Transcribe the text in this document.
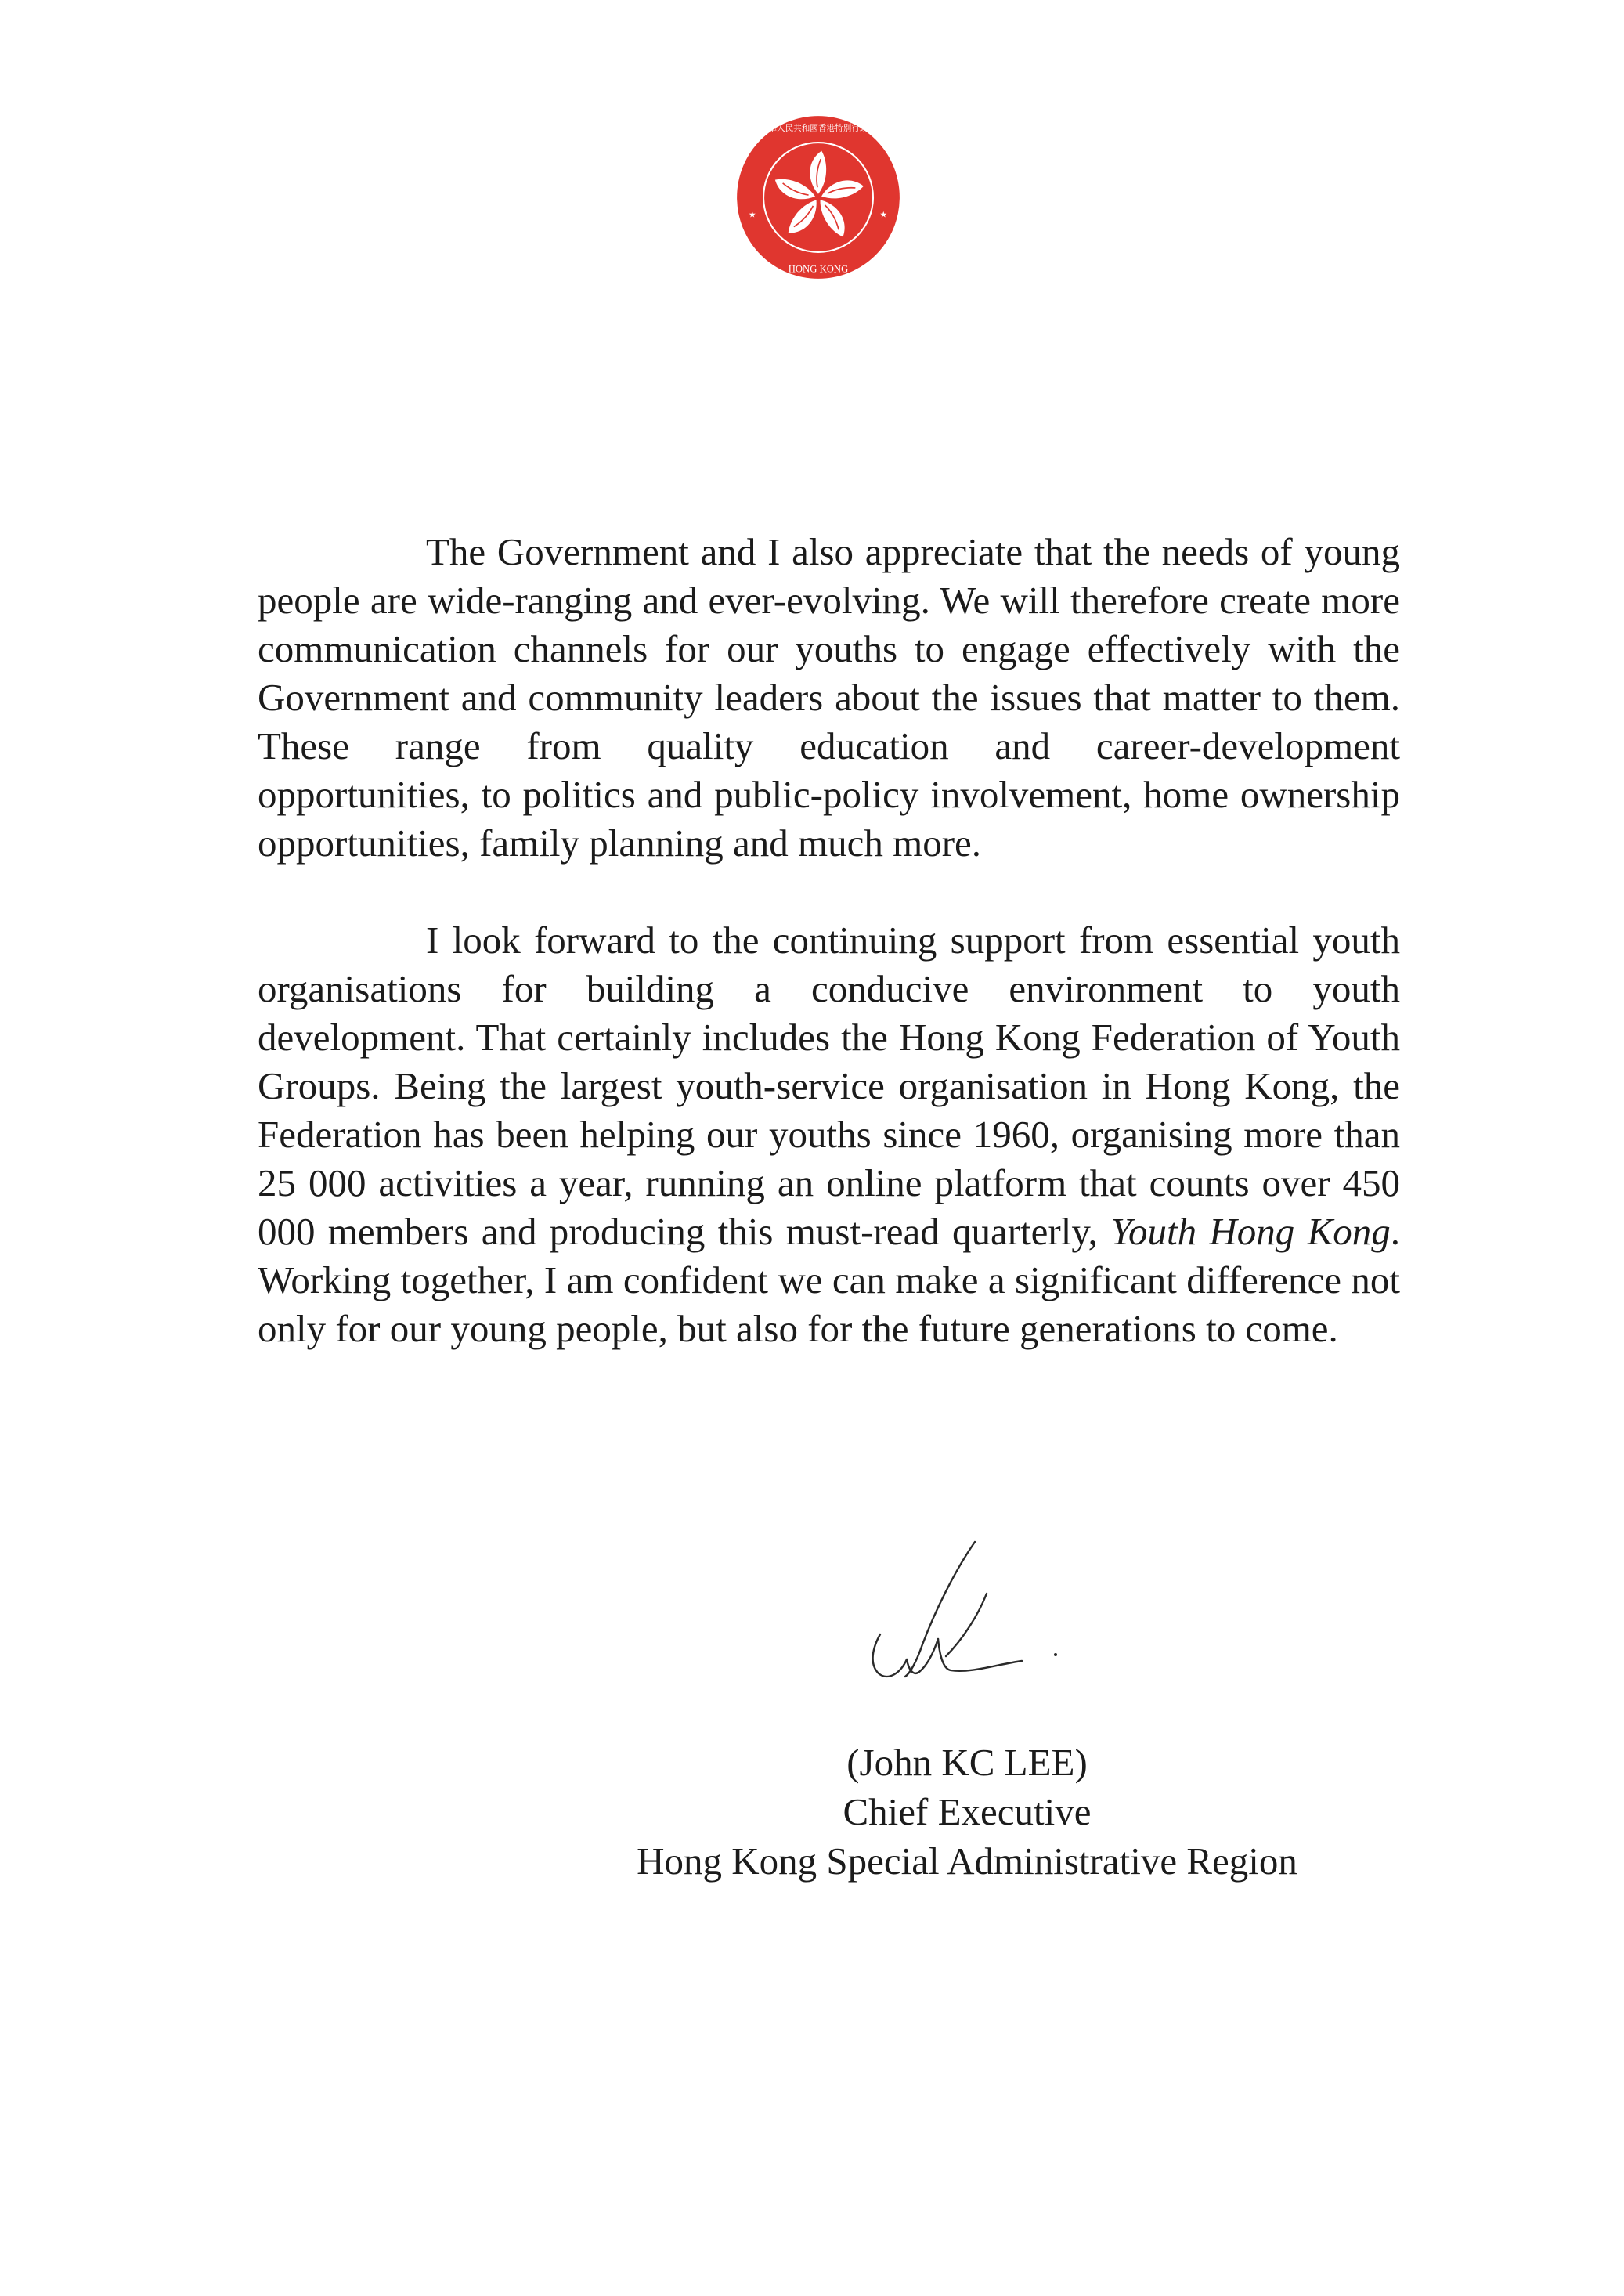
中華人民共和國香港特別行政區
HONG KONG
★	★

The Government and I also appreciate that the needs of young people are wide-ranging and ever-evolving. We will therefore create more communication channels for our youths to engage effectively with the Government and community leaders about the issues that matter to them. These range from quality education and career-development opportunities, to politics and public-policy involvement, home ownership opportunities, family planning and much more.

I look forward to the continuing support from essential youth organisations for building a conducive environment to youth development. That certainly includes the Hong Kong Federation of Youth Groups. Being the largest youth-service organisation in Hong Kong, the Federation has been helping our youths since 1960, organising more than 25 000 activities a year, running an online platform that counts over 450 000 members and producing this must-read quarterly, Youth Hong Kong. Working together, I am confident we can make a significant difference not only for our young people, but also for the future generations to come.

(John KC LEE)
Chief Executive
Hong Kong Special Administrative Region
